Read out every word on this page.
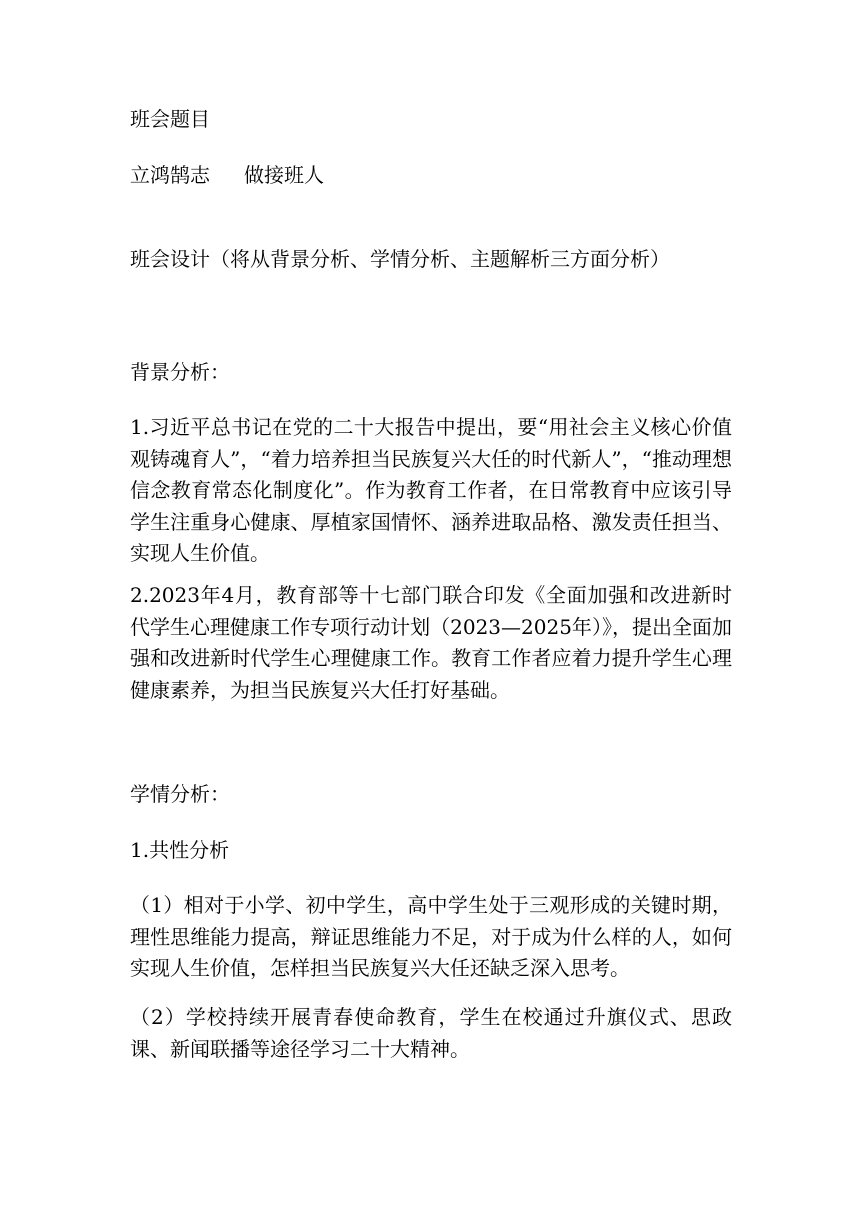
班会题目
立鸿鹄志 做接班人
班会设计（将从背景分析、学情分析、主题解析三方面分析）
背景分析：
1.习近平总书记在党的二十大报告中提出，要“用社会主义核心价值观铸魂育人”，“着力培养担当民族复兴大任的时代新人”，“推动理想信念教育常态化制度化”。作为教育工作者，在日常教育中应该引导学生注重身心健康、厚植家国情怀、涵养进取品格、激发责任担当、实现人生价值。
2.2023年4月，教育部等十七部门联合印发《全面加强和改进新时代学生心理健康工作专项行动计划（2023—2025年）》，提出全面加强和改进新时代学生心理健康工作。教育工作者应着力提升学生心理健康素养，为担当民族复兴大任打好基础。
学情分析：
1.共性分析
（1）相对于小学、初中学生，高中学生处于三观形成的关键时期，理性思维能力提高，辩证思维能力不足，对于成为什么样的人，如何实现人生价值，怎样担当民族复兴大任还缺乏深入思考。
（2）学校持续开展青春使命教育，学生在校通过升旗仪式、思政课、新闻联播等途径学习二十大精神。
